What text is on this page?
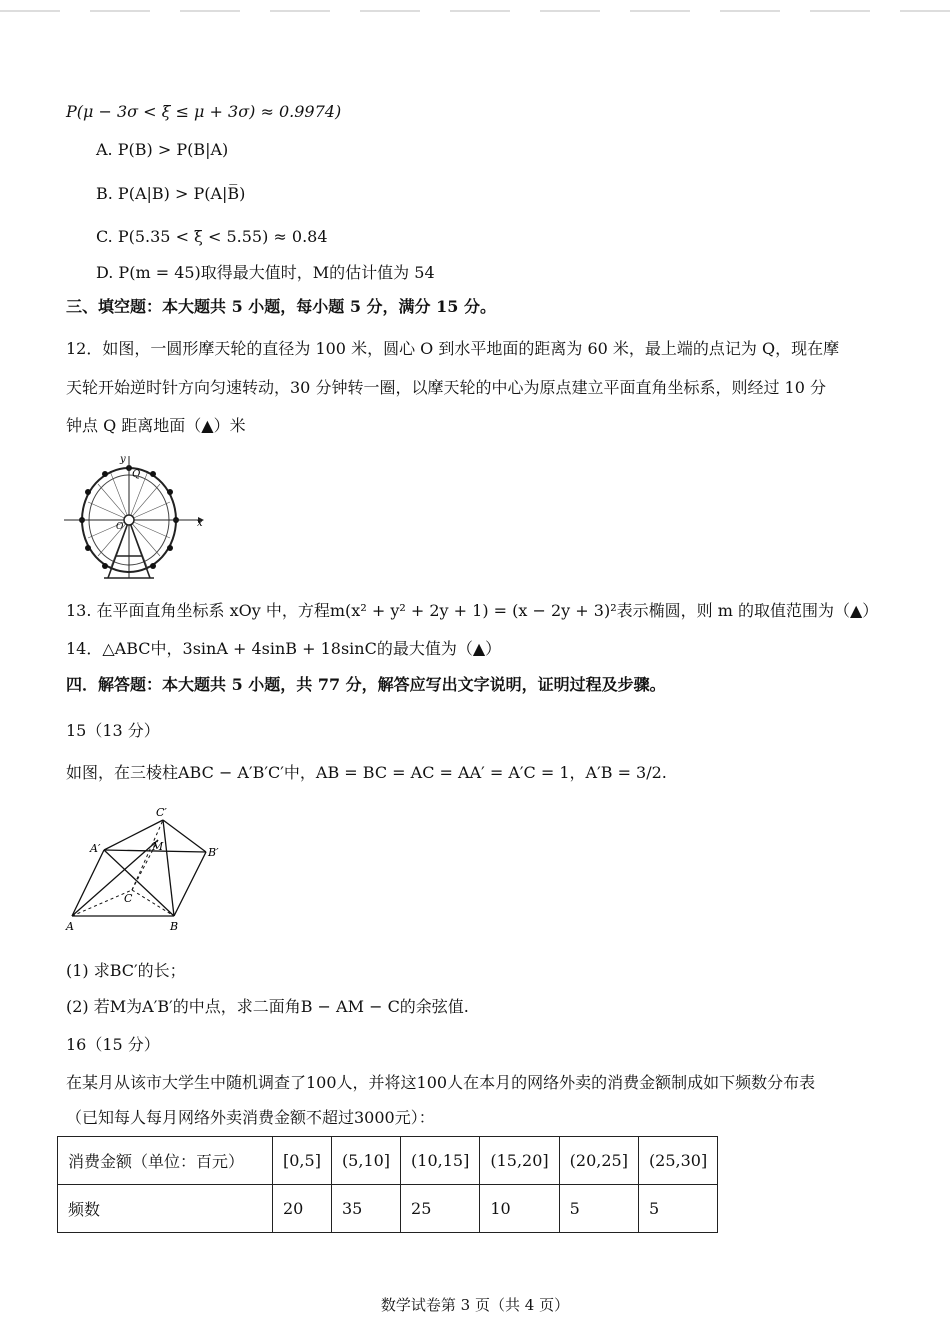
P(μ − 3σ < ξ ≤ μ + 3σ) ≈ 0.9974)
A. P(B) > P(B|A)
B. P(A|B) > P(A|B̅)
C. P(5.35 < ξ < 5.55) ≈ 0.84
D. P(m = 45)取得最大值时，M的估计值为 54
三、填空题：本大题共 5 小题，每小题 5 分，满分 15 分。
12．如图，一圆形摩天轮的直径为 100 米，圆心 O 到水平地面的距离为 60 米，最上端的点记为 Q，现在摩
天轮开始逆时针方向匀速转动，30 分钟转一圈，以摩天轮的中心为原点建立平面直角坐标系，则经过 10 分
钟点 Q 距离地面（▲）米
y
Q
x
O
13. 在平面直角坐标系 xOy 中，方程m(x² + y² + 2y + 1) = (x − 2y + 3)²表示椭圆，则 m 的取值范围为（▲）
14．△ABC中，3sinA + 4sinB + 18sinC的最大值为（▲）
四．解答题：本大题共 5 小题，共 77 分，解答应写出文字说明，证明过程及步骤。
15（13 分）
如图，在三棱柱ABC − A′B′C′中，AB = BC = AC = AA′ = A′C = 1，A′B = 3/2.
C′
A′	M	B′
C
A	B
(1) 求BC′的长；
(2) 若M为A′B′的中点，求二面角B − AM − C的余弦值.
16（15 分）
在某月从该市大学生中随机调查了100人，并将这100人在本月的网络外卖的消费金额制成如下频数分布表
（已知每人每月网络外卖消费金额不超过3000元）：
消费金额（单位：百元）	[0,5]	(5,10]	(10,15]	(15,20]	(20,25]	(25,30]
频数	20	35	25	10	5	5
数学试卷第 3 页（共 4 页）
